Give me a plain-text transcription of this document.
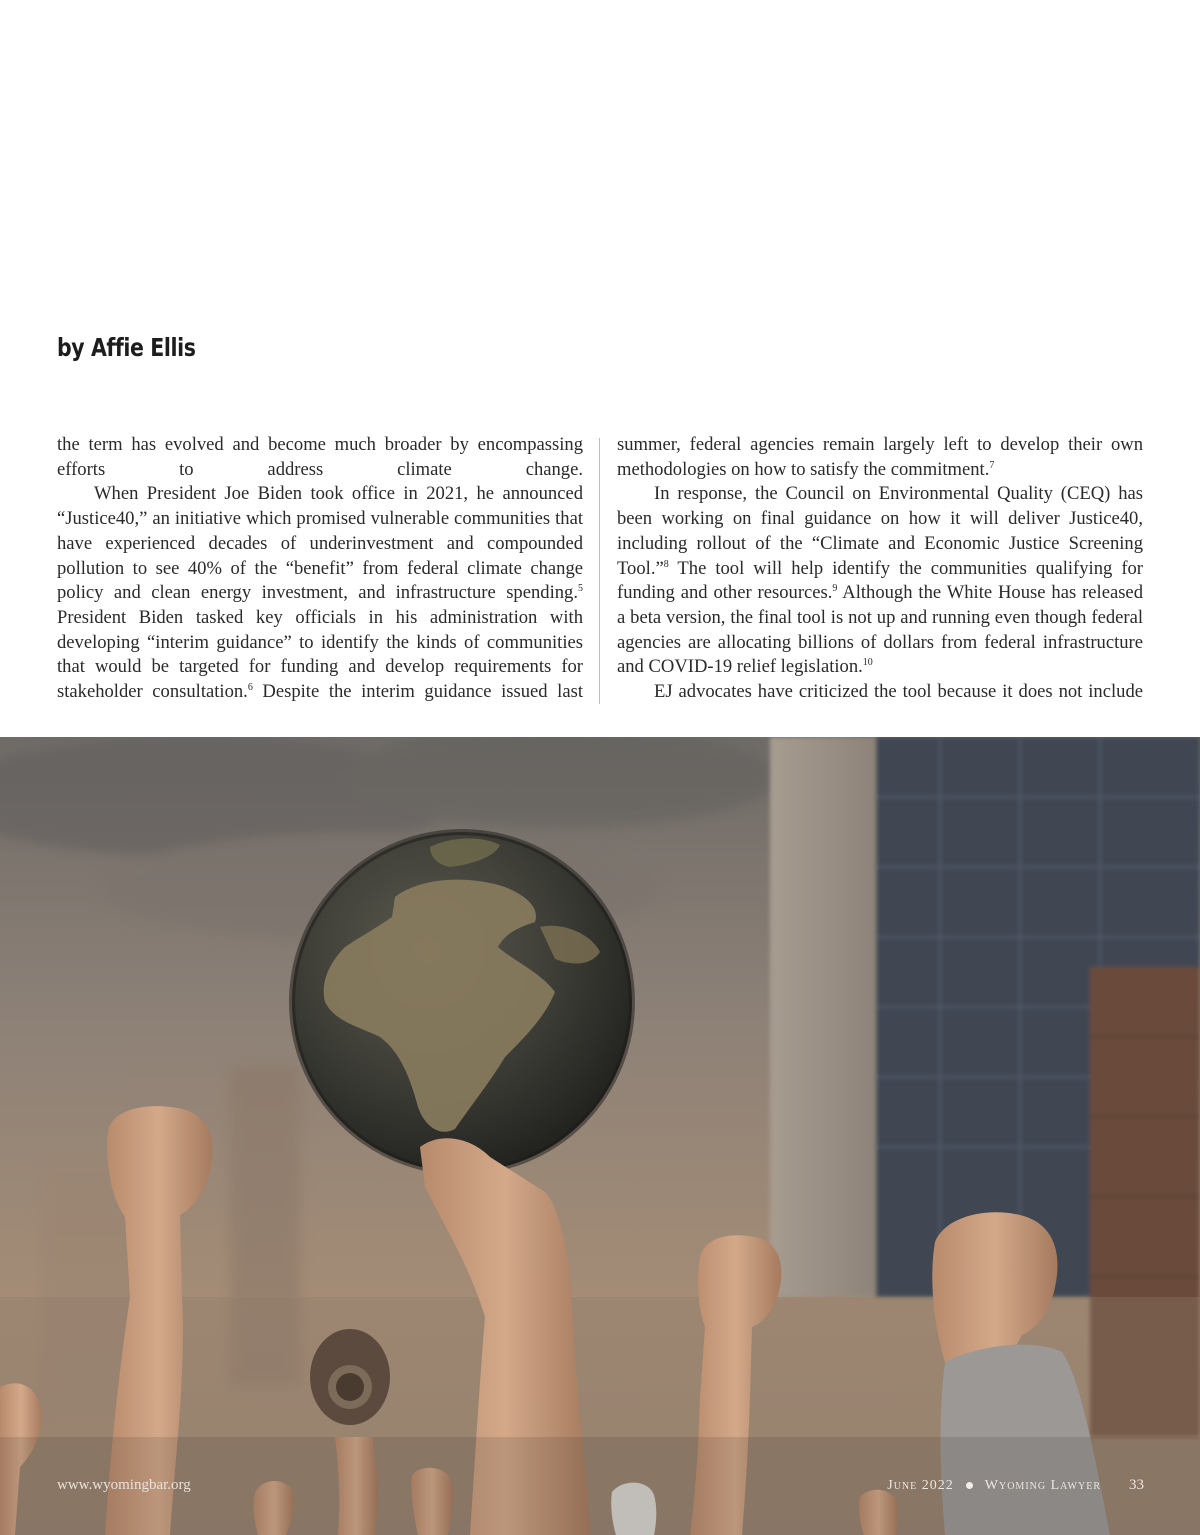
by Affie Ellis

the term has evolved and become much broader by encompassing efforts to address climate change.

When President Joe Biden took office in 2021, he announced “Justice40,” an initiative which promised vulnerable communities that have experienced decades of underinvestment and compounded pollution to see 40% of the “benefit” from federal climate change policy and clean energy investment, and infrastructure spending.$^5$ President Biden tasked key officials in his administration with developing “interim guidance” to identify the kinds of communities that would be targeted for funding and develop requirements for stakeholder consultation.$^6$ Despite the interim guidance issued last

summer, federal agencies remain largely left to develop their own methodologies on how to satisfy the commitment.$^7$

In response, the Council on Environmental Quality (CEQ) has been working on final guidance on how it will deliver Justice40, including rollout of the “Climate and Economic Justice Screening Tool.”$^8$ The tool will help identify the communities qualifying for funding and other resources.$^9$ Although the White House has released a beta version, the final tool is not up and running even though federal agencies are allocating billions of dollars from federal infrastructure and COVID-19 relief legislation.$^{10}$

EJ advocates have criticized the tool because it does not include

www.wyomingbar.org	June 2022 Wyoming Lawyer 33
